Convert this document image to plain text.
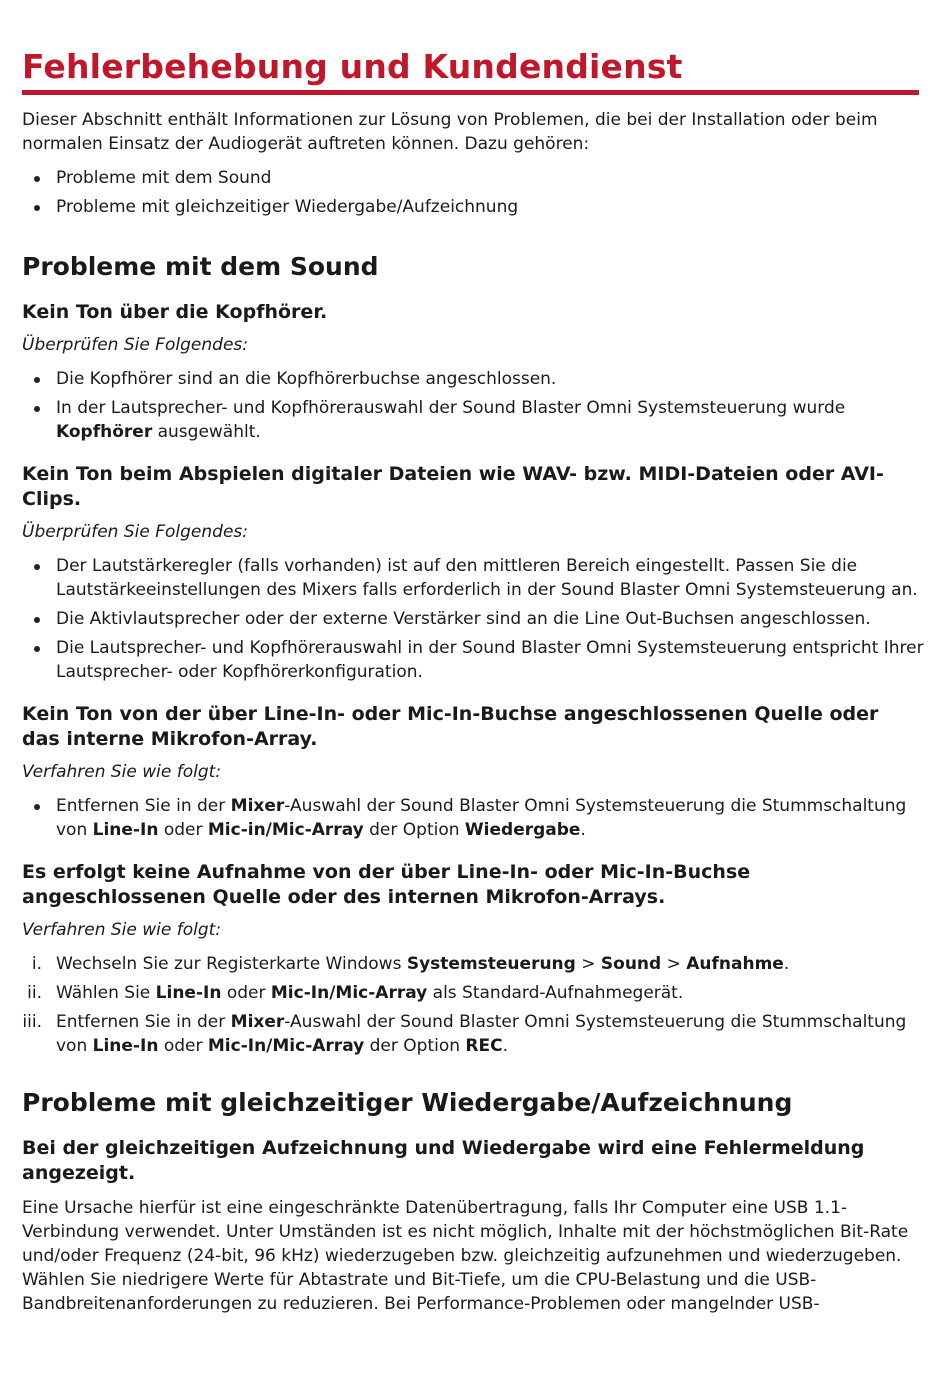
Fehlerbehebung und Kundendienst

Dieser Abschnitt enthält Informationen zur Lösung von Problemen, die bei der Installation oder beim normalen Einsatz der Audiogerät auftreten können. Dazu gehören:

Probleme mit dem Sound
Probleme mit gleichzeitiger Wiedergabe/Aufzeichnung
Probleme mit dem Sound
Kein Ton über die Kopfhörer.

Überprüfen Sie Folgendes:

Die Kopfhörer sind an die Kopfhörerbuchse angeschlossen.
In der Lautsprecher- und Kopfhörerauswahl der Sound Blaster Omni Systemsteuerung wurde Kopfhörer ausgewählt.
Kein Ton beim Abspielen digitaler Dateien wie WAV- bzw. MIDI-Dateien oder AVI-Clips.

Überprüfen Sie Folgendes:

Der Lautstärkeregler (falls vorhanden) ist auf den mittleren Bereich eingestellt. Passen Sie die Lautstärkeeinstellungen des Mixers falls erforderlich in der Sound Blaster Omni Systemsteuerung an.
Die Aktivlautsprecher oder der externe Verstärker sind an die Line Out-Buchsen angeschlossen.
Die Lautsprecher- und Kopfhörerauswahl in der Sound Blaster Omni Systemsteuerung entspricht Ihrer Lautsprecher- oder Kopfhörerkonfiguration.
Kein Ton von der über Line-In- oder Mic-In-Buchse angeschlossenen Quelle oder das interne Mikrofon-Array.

Verfahren Sie wie folgt:

Entfernen Sie in der Mixer-Auswahl der Sound Blaster Omni Systemsteuerung die Stummschaltung von Line-In oder Mic-in/Mic-Array der Option Wiedergabe.
Es erfolgt keine Aufnahme von der über Line-In- oder Mic-In-Buchse angeschlossenen Quelle oder des internen Mikrofon-Arrays.

Verfahren Sie wie folgt:

i. Wechseln Sie zur Registerkarte Windows Systemsteuerung > Sound > Aufnahme.
ii. Wählen Sie Line-In oder Mic-In/Mic-Array als Standard-Aufnahmegerät.
iii. Entfernen Sie in der Mixer-Auswahl der Sound Blaster Omni Systemsteuerung die Stummschaltung von Line-In oder Mic-In/Mic-Array der Option REC.
Probleme mit gleichzeitiger Wiedergabe/Aufzeichnung
Bei der gleichzeitigen Aufzeichnung und Wiedergabe wird eine Fehlermeldung angezeigt.

Eine Ursache hierfür ist eine eingeschränkte Datenübertragung, falls Ihr Computer eine USB 1.1-Verbindung verwendet. Unter Umständen ist es nicht möglich, Inhalte mit der höchstmöglichen Bit-Rate und/oder Frequenz (24-bit, 96 kHz) wiederzugeben bzw. gleichzeitig aufzunehmen und wiederzugeben. Wählen Sie niedrigere Werte für Abtastrate und Bit-Tiefe, um die CPU-Belastung und die USB-Bandbreitenanforderungen zu reduzieren. Bei Performance-Problemen oder mangelnder USB-
